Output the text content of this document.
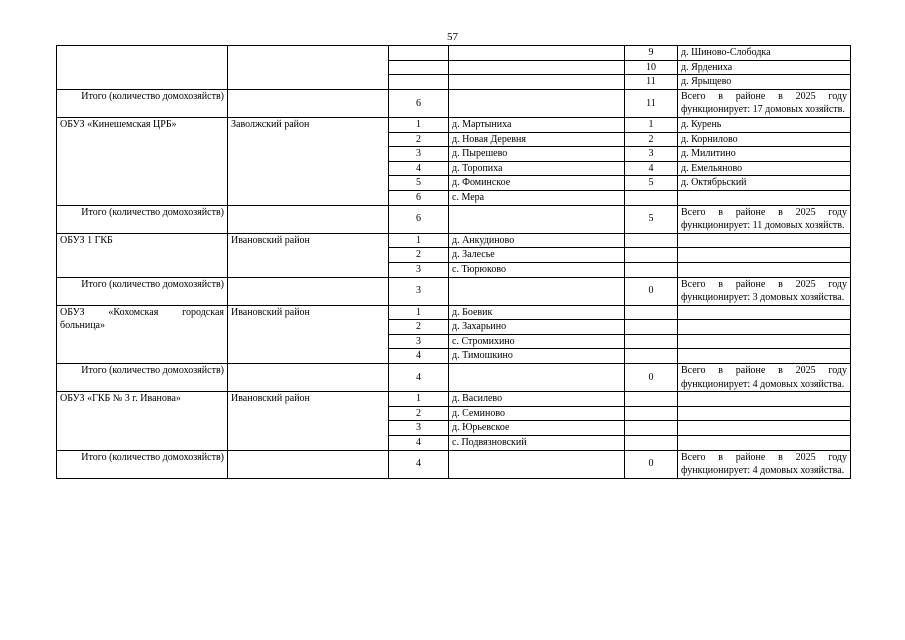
57
				9	д. Шиново-Слободка
				10	д. Ярдениха
				11	д. Ярыщево
Итого (количество домохозяйств)		6		11	Всего в районе в 2025 году функционирует: 17 домовых хозяйств.

ОБУЗ «Кинешемская ЦРБ»	Заволжский район	1	д. Мартыниха	1	д. Курень
		2	д. Новая Деревня	2	д. Корнилово
		3	д. Пырешево	3	д. Милитино
		4	д. Торопиха	4	д. Емельяново
		5	д. Фоминское	5	д. Октябрьский
		6	с. Мера		
Итого (количество домохозяйств)		6		5	Всего в районе в 2025 году функционирует: 11 домовых хозяйств.

ОБУЗ 1 ГКБ	Ивановский район	1	д. Анкудиново		
		2	д. Залесье		
		3	с. Тюрюково		
Итого (количество домохозяйств)		3		0	Всего в районе в 2025 году функционирует: 3 домовых хозяйства.

ОБУЗ «Кохомская городская больница»	Ивановский район	1	д. Боевик		
		2	д. Захарьино		
		3	с. Стромихино		
		4	д. Тимошкино		
Итого (количество домохозяйств)		4		0	Всего в районе в 2025 году функционирует: 4 домовых хозяйства.

ОБУЗ «ГКБ № 3 г. Иванова»	Ивановский район	1	д. Василево		
		2	д. Семиново		
		3	д. Юрьевское		
		4	с. Подвязновский		
Итого (количество домохозяйств)		4		0	Всего в районе в 2025 году функционирует: 4 домовых хозяйства.
